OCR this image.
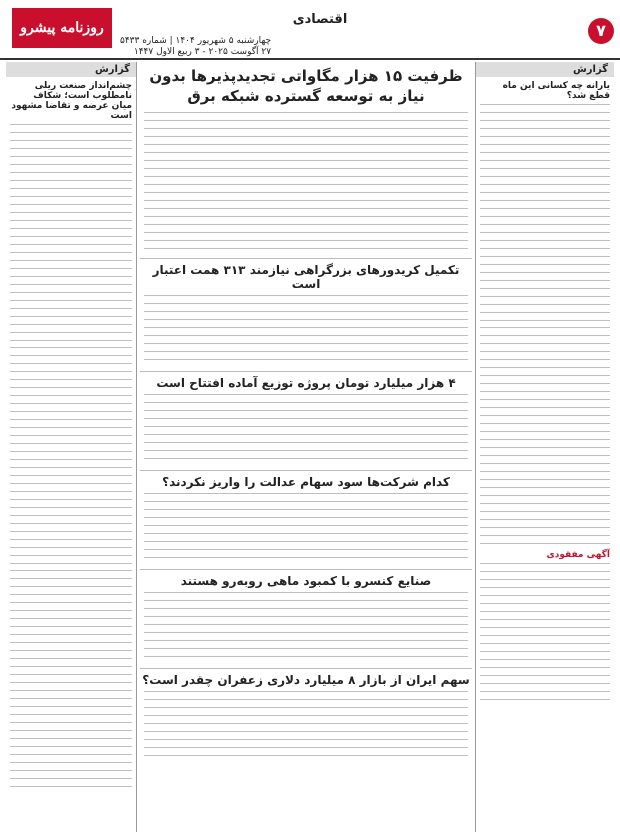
۷
اقتصادی
روزنامه پیشرو
چهارشنبه ۵ شهریور ۱۴۰۴ | شماره ۵۴۳۳
۲۷ آگوست ۲۰۲۵ - ۳ ربیع الاول ۱۴۴۷
گزارش
یارانه چه کسانی این ماه قطع شد؟
آگهی مفقودی
گزارش
چشم‌انداز صنعت ریلی نامطلوب است؛ شکاف میان عرضه و تقاضا مشهود است
ظرفیت ۱۵ هزار مگاواتی تجدیدپذیرها بدون نیاز به توسعه گسترده شبکه برق
تکمیل کریدورهای بزرگراهی نیازمند ۳۱۳ همت اعتبار است
۴ هزار میلیارد تومان پروژه توزیع آماده افتتاح است
کدام شرکت‌ها سود سهام عدالت را واریز نکردند؟
صنایع کنسرو با کمبود ماهی روبه‌رو هستند
سهم ایران از بازار ۸ میلیارد دلاری زعفران چقدر است؟
